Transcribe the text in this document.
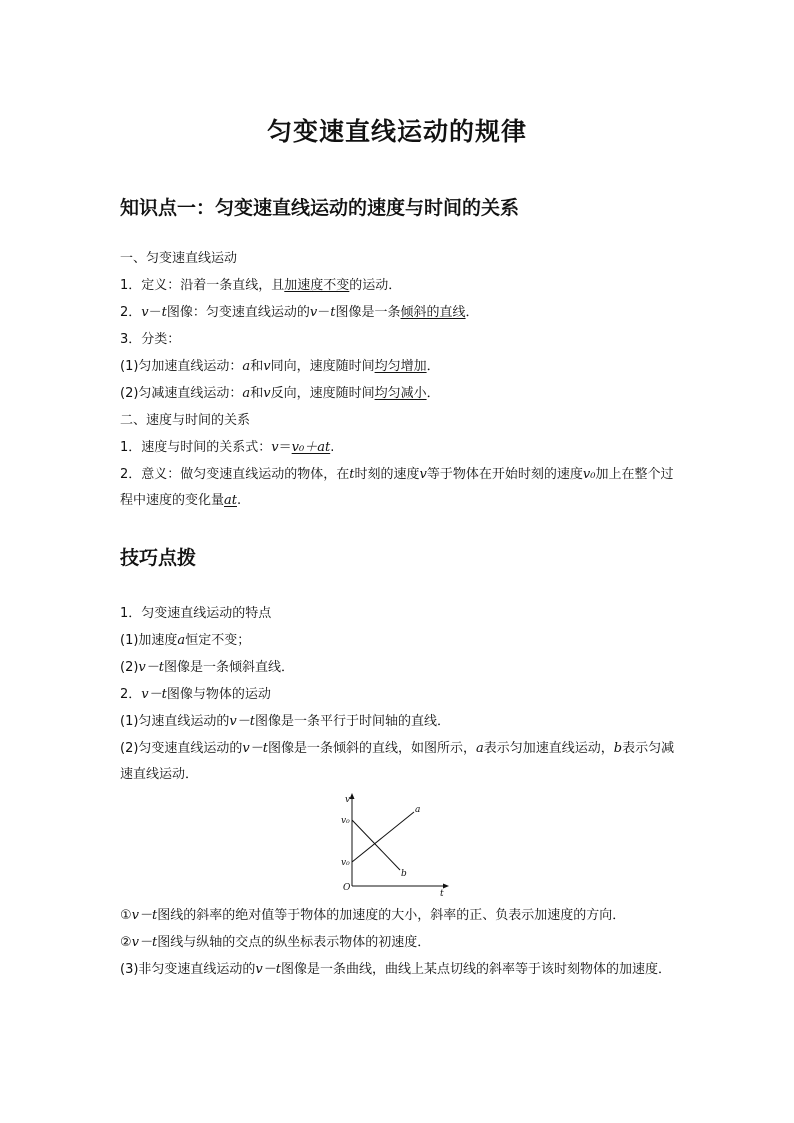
匀变速直线运动的规律
知识点一：匀变速直线运动的速度与时间的关系
一、匀变速直线运动
1．定义：沿着一条直线，且加速度不变的运动．
2．v－t图像：匀变速直线运动的v－t图像是一条倾斜的直线．
3．分类：
(1)匀加速直线运动：a和v同向，速度随时间均匀增加．
(2)匀减速直线运动：a和v反向，速度随时间均匀减小．
二、速度与时间的关系
1．速度与时间的关系式：v＝v₀＋at.
2．意义：做匀变速直线运动的物体，在t时刻的速度v等于物体在开始时刻的速度v₀加上在整个过程中速度的变化量at.
技巧点拨
1．匀变速直线运动的特点
(1)加速度a恒定不变；
(2)v－t图像是一条倾斜直线．
2．v－t图像与物体的运动
(1)匀速直线运动的v－t图像是一条平行于时间轴的直线．
(2)匀变速直线运动的v－t图像是一条倾斜的直线，如图所示，a表示匀加速直线运动，b表示匀减速直线运动．
v
t
O
v₀
v₀
a
b
①v－t图线的斜率的绝对值等于物体的加速度的大小，斜率的正、负表示加速度的方向．
②v－t图线与纵轴的交点的纵坐标表示物体的初速度．
(3)非匀变速直线运动的v－t图像是一条曲线，曲线上某点切线的斜率等于该时刻物体的加速度．
